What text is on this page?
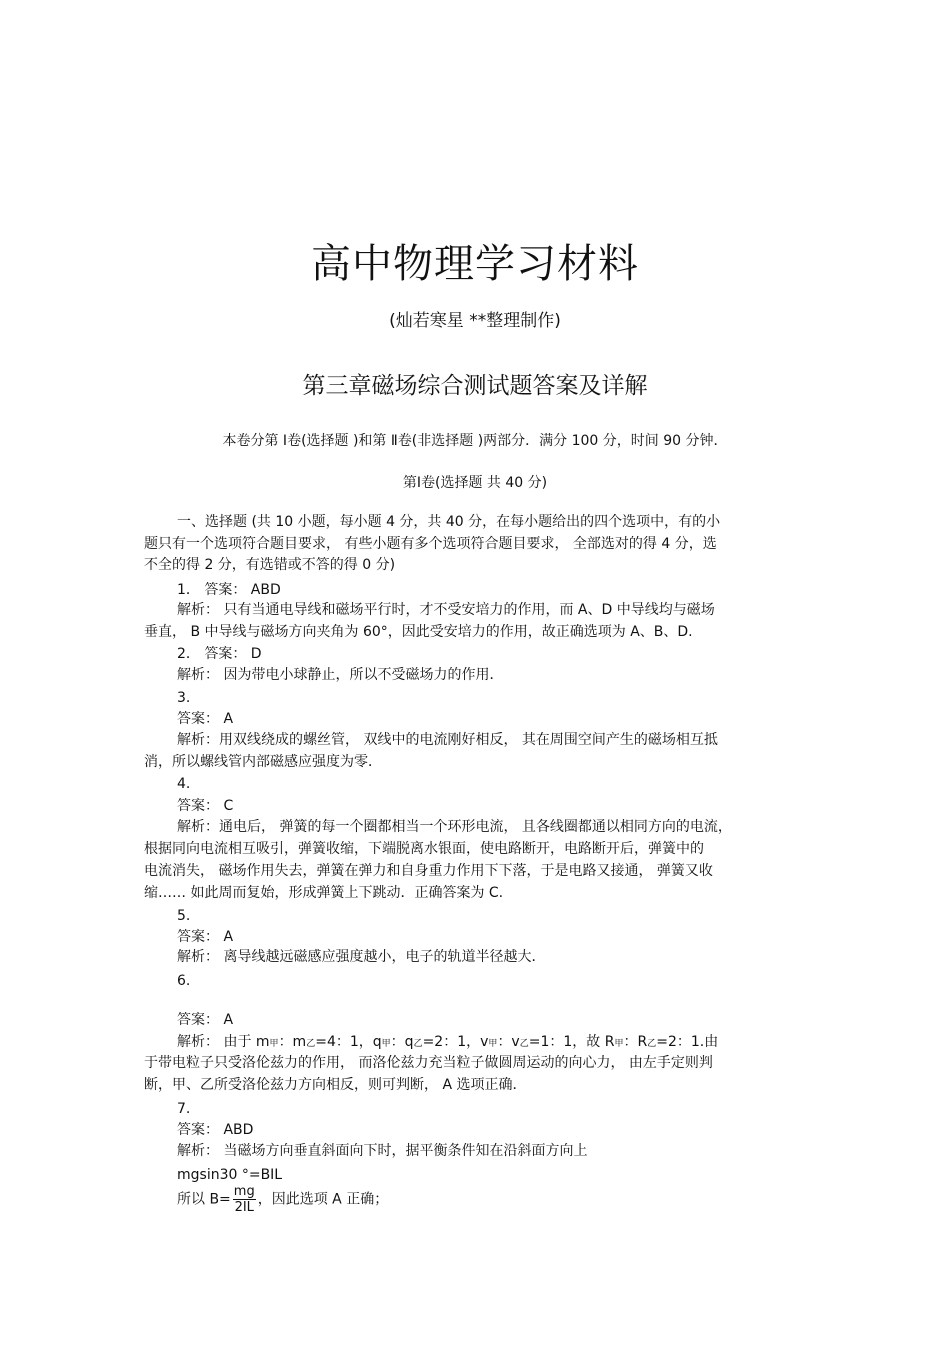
高中物理学习材料
(灿若寒星 **整理制作)
第三章磁场综合测试题答案及详解
本卷分第 Ⅰ卷(选择题 )和第 Ⅱ卷(非选择题 )两部分．满分 100 分，时间 90 分钟．
第Ⅰ卷(选择题 共 40 分)
一、选择题 (共 10 小题，每小题 4 分，共 40 分，在每小题给出的四个选项中，有的小
题只有一个选项符合题目要求， 有些小题有多个选项符合题目要求， 全部选对的得 4 分，选
不全的得 2 分，有选错或不答的得 0 分)
1． 答案： ABD
解析： 只有当通电导线和磁场平行时，才不受安培力的作用，而 A、D 中导线均与磁场
垂直， B 中导线与磁场方向夹角为 60°，因此受安培力的作用，故正确选项为 A、B、D.
2． 答案： D
解析： 因为带电小球静止，所以不受磁场力的作用．
3.
答案： A
解析：用双线绕成的螺丝管， 双线中的电流刚好相反， 其在周围空间产生的磁场相互抵
消，所以螺线管内部磁感应强度为零．
4.
答案： C
解析：通电后， 弹簧的每一个圈都相当一个环形电流， 且各线圈都通以相同方向的电流，
根据同向电流相互吸引，弹簧收缩，下端脱离水银面，使电路断开，电路断开后，弹簧中的
电流消失， 磁场作用失去，弹簧在弹力和自身重力作用下下落，于是电路又接通， 弹簧又收
缩…… 如此周而复始，形成弹簧上下跳动．正确答案为 C.
5.
答案： A
解析： 离导线越远磁感应强度越小，电子的轨道半径越大．
6.
答案： A
解析： 由于 m甲：m乙=4：1，q甲：q乙=2：1，v甲：v乙=1：1，故 R甲：R乙=2：1.由
于带电粒子只受洛伦兹力的作用， 而洛伦兹力充当粒子做圆周运动的向心力， 由左手定则判
断，甲、乙所受洛伦兹力方向相反，则可判断， A 选项正确．
7.
答案： ABD
解析： 当磁场方向垂直斜面向下时，据平衡条件知在沿斜面方向上
mgsin30 °=BIL
所以 $B= \frac{mg}{2IL}$ ，因此选项 A 正确；
